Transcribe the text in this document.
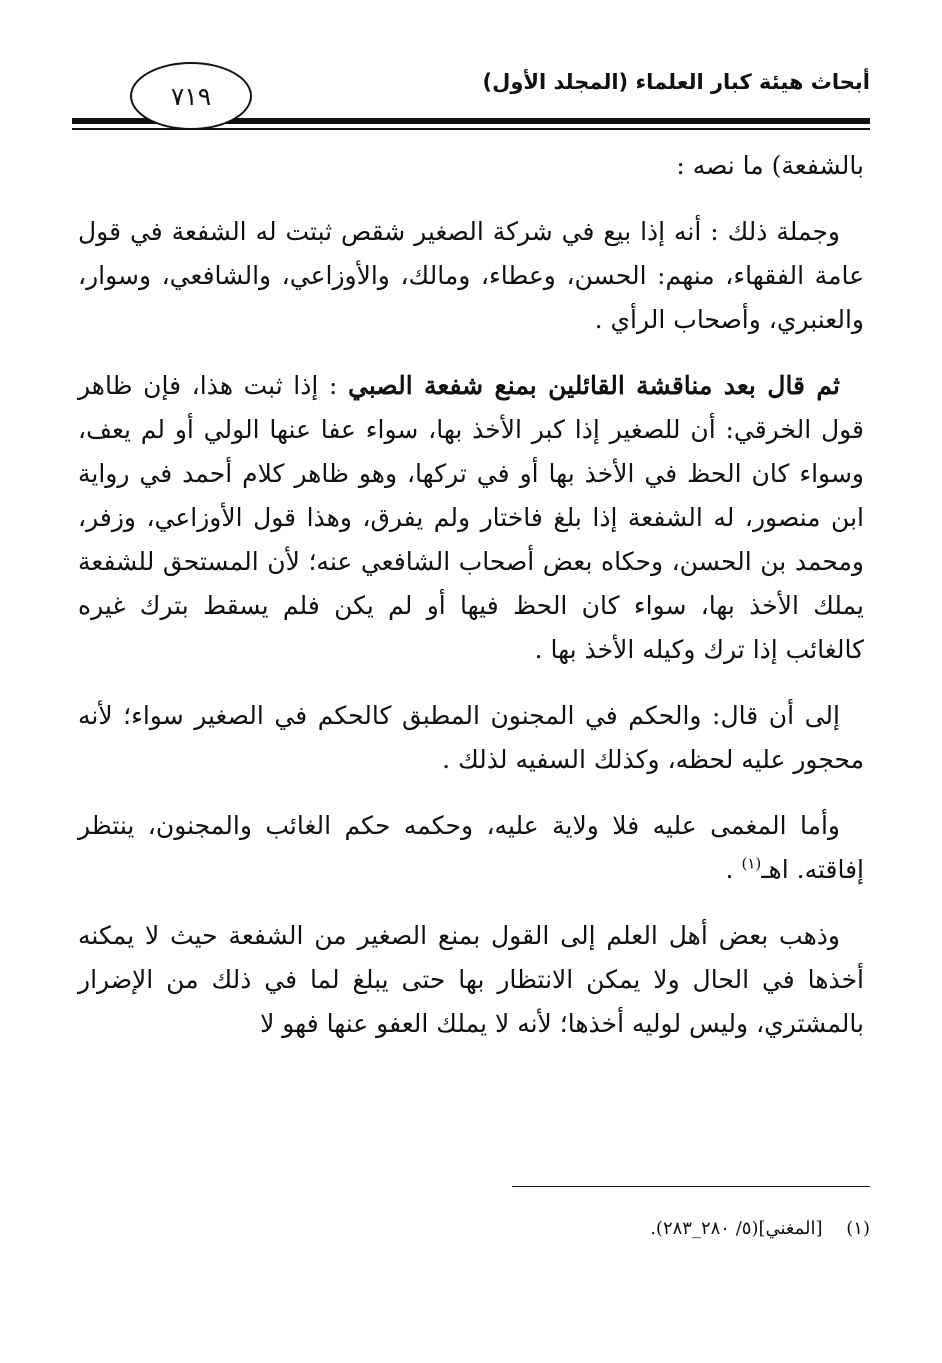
أبحاث هيئة كبار العلماء (المجلد الأول)
٧١٩

بالشفعة) ما نصه :

وجملة ذلك : أنه إذا بيع في شركة الصغير شقص ثبتت له الشفعة في قول عامة الفقهاء، منهم: الحسن، وعطاء، ومالك، والأوزاعي، والشافعي، وسوار، والعنبري، وأصحاب الرأي .

ثم قال بعد مناقشة القائلين بمنع شفعة الصبي : إذا ثبت هذا، فإن ظاهر قول الخرقي: أن للصغير إذا كبر الأخذ بها، سواء عفا عنها الولي أو لم يعف، وسواء كان الحظ في الأخذ بها أو في تركها، وهو ظاهر كلام أحمد في رواية ابن منصور، له الشفعة إذا بلغ فاختار ولم يفرق، وهذا قول الأوزاعي، وزفر، ومحمد بن الحسن، وحكاه بعض أصحاب الشافعي عنه؛ لأن المستحق للشفعة يملك الأخذ بها، سواء كان الحظ فيها أو لم يكن فلم يسقط بترك غيره كالغائب إذا ترك وكيله الأخذ بها .

إلى أن قال: والحكم في المجنون المطبق كالحكم في الصغير سواء؛ لأنه محجور عليه لحظه، وكذلك السفيه لذلك .

وأما المغمى عليه فلا ولاية عليه، وحكمه حكم الغائب والمجنون، ينتظر إفاقته. اهـ$^{(١)}$ .

وذهب بعض أهل العلم إلى القول بمنع الصغير من الشفعة حيث لا يمكنه أخذها في الحال ولا يمكن الانتظار بها حتى يبلغ لما في ذلك من الإضرار بالمشتري، وليس لوليه أخذها؛ لأنه لا يملك العفو عنها فهو لا

(١) [المغني](٥/ ٢٨٠_٢٨٣).
